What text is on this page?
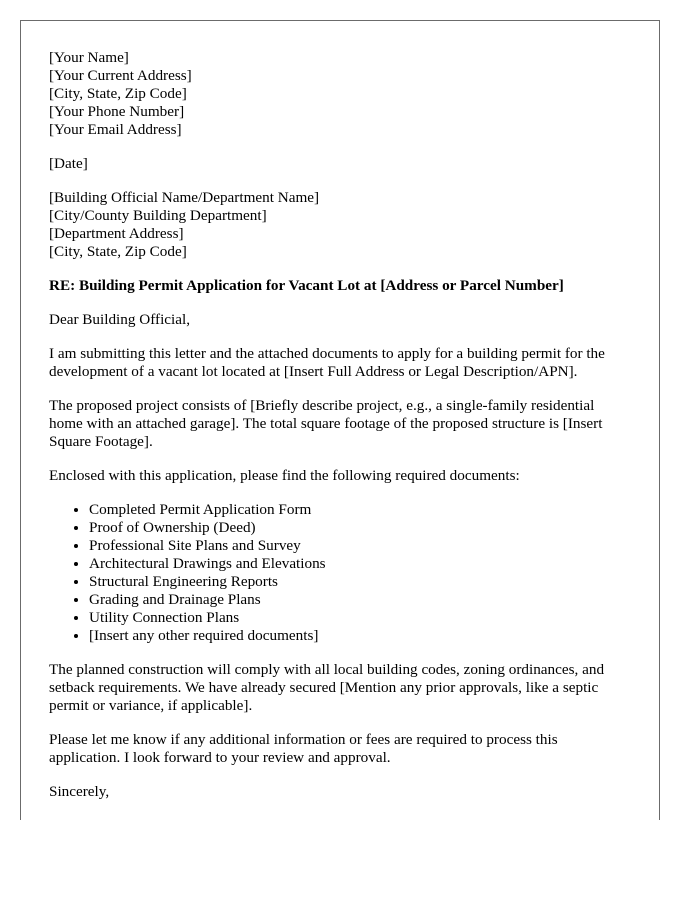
[Your Name]
[Your Current Address]
[City, State, Zip Code]
[Your Phone Number]
[Your Email Address]
[Date]
[Building Official Name/Department Name]
[City/County Building Department]
[Department Address]
[City, State, Zip Code]
RE: Building Permit Application for Vacant Lot at [Address or Parcel Number]

Dear Building Official,

I am submitting this letter and the attached documents to apply for a building permit for the development of a vacant lot located at [Insert Full Address or Legal Description/APN].

The proposed project consists of [Briefly describe project, e.g., a single-family residential home with an attached garage]. The total square footage of the proposed structure is [Insert Square Footage].

Enclosed with this application, please find the following required documents:

• Completed Permit Application Form
• Proof of Ownership (Deed)
• Professional Site Plans and Survey
• Architectural Drawings and Elevations
• Structural Engineering Reports
• Grading and Drainage Plans
• Utility Connection Plans
• [Insert any other required documents]

The planned construction will comply with all local building codes, zoning ordinances, and setback requirements. We have already secured [Mention any prior approvals, like a septic permit or variance, if applicable].

Please let me know if any additional information or fees are required to process this application. I look forward to your review and approval.

Sincerely,
